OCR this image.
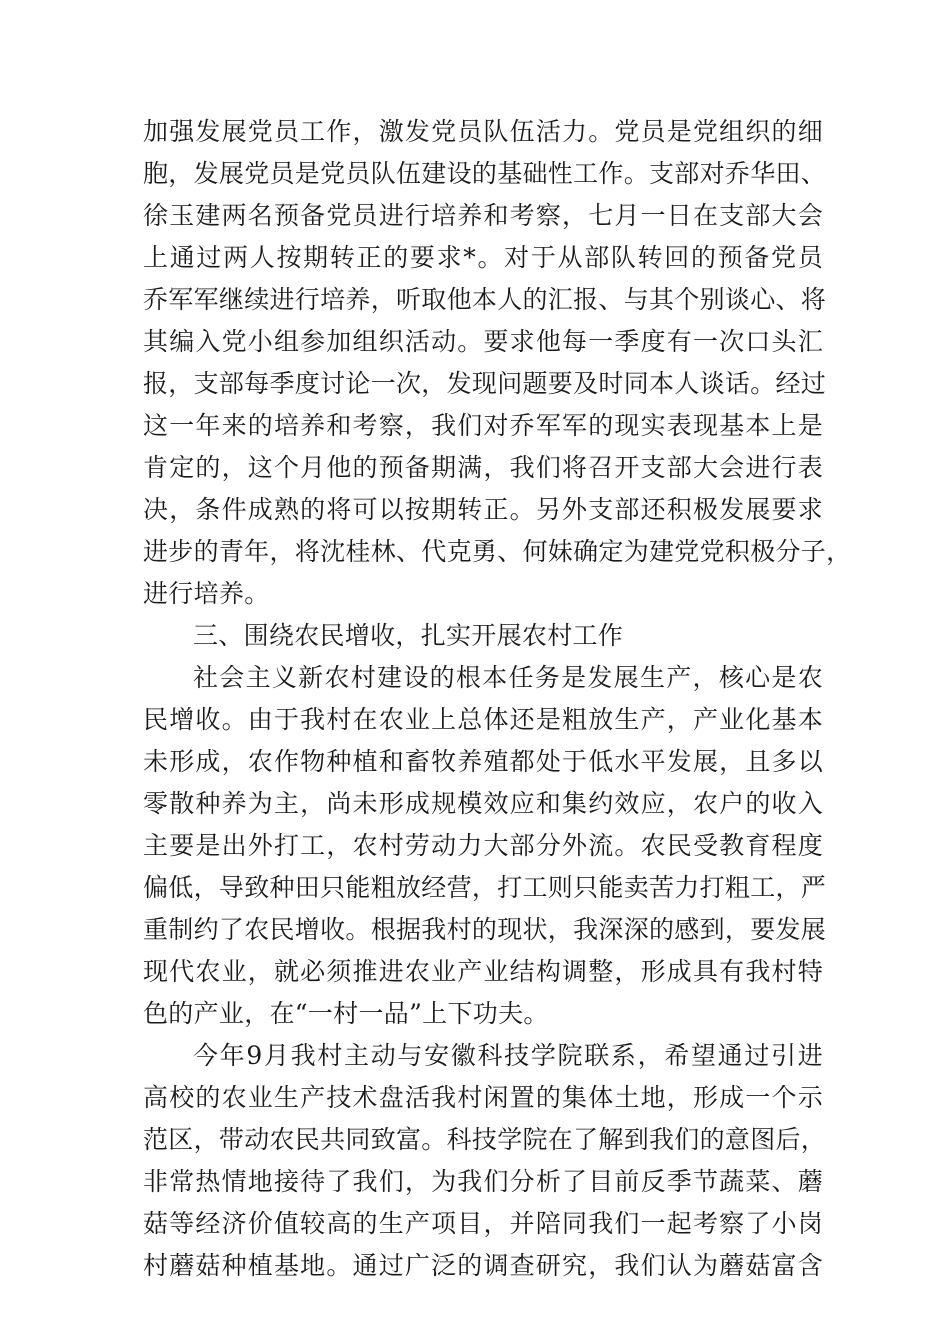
加强发展党员工作，激发党员队伍活力。党员是党组织的细
胞，发展党员是党员队伍建设的基础性工作。支部对乔华田、
徐玉建两名预备党员进行培养和考察，七月一日在支部大会
上通过两人按期转正的要求*。对于从部队转回的预备党员
乔军军继续进行培养，听取他本人的汇报、与其个别谈心、将
其编入党小组参加组织活动。要求他每一季度有一次口头汇
报，支部每季度讨论一次，发现问题要及时同本人谈话。经过
这一年来的培养和考察，我们对乔军军的现实表现基本上是
肯定的，这个月他的预备期满，我们将召开支部大会进行表
决，条件成熟的将可以按期转正。另外支部还积极发展要求
进步的青年，将沈桂林、代克勇、何妹确定为建党党积极分子，
进行培养。
三、围绕农民增收，扎实开展农村工作
社会主义新农村建设的根本任务是发展生产，核心是农
民增收。由于我村在农业上总体还是粗放生产，产业化基本
未形成，农作物种植和畜牧养殖都处于低水平发展，且多以
零散种养为主，尚未形成规模效应和集约效应，农户的收入
主要是出外打工，农村劳动力大部分外流。农民受教育程度
偏低，导致种田只能粗放经营，打工则只能卖苦力打粗工，严
重制约了农民增收。根据我村的现状，我深深的感到，要发展
现代农业，就必须推进农业产业结构调整，形成具有我村特
色的产业，在“一村一品”上下功夫。
今年9月我村主动与安徽科技学院联系，希望通过引进
高校的农业生产技术盘活我村闲置的集体土地，形成一个示
范区，带动农民共同致富。科技学院在了解到我们的意图后，
非常热情地接待了我们，为我们分析了目前反季节蔬菜、蘑
菇等经济价值较高的生产项目，并陪同我们一起考察了小岗
村蘑菇种植基地。通过广泛的调查研究，我们认为蘑菇富含
